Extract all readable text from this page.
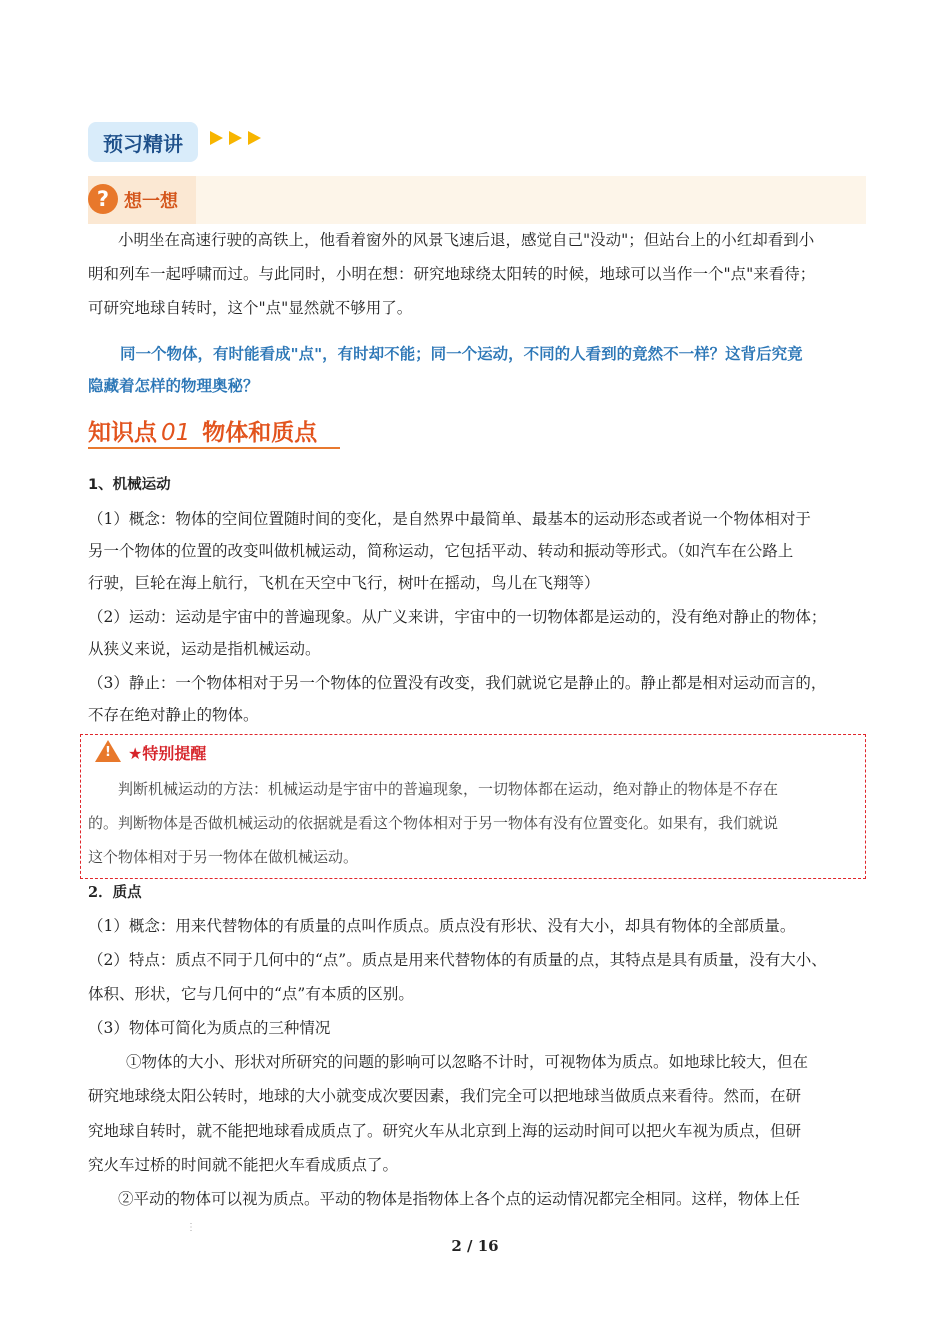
预习精讲
? 想一想
小明坐在高速行驶的高铁上，他看着窗外的风景飞速后退，感觉自己"没动"；但站台上的小红却看到小
明和列车一起呼啸而过。与此同时，小明在想：研究地球绕太阳转的时候，地球可以当作一个"点"来看待；
可研究地球自转时，这个"点"显然就不够用了。
同一个物体，有时能看成"点"，有时却不能；同一个运动，不同的人看到的竟然不一样？这背后究竟
隐藏着怎样的物理奥秘？
知识点 01 物体和质点
1、机械运动
（1）概念：物体的空间位置随时间的变化，是自然界中最简单、最基本的运动形态或者说一个物体相对于
另一个物体的位置的改变叫做机械运动，简称运动，它包括平动、转动和振动等形式。（如汽车在公路上
行驶，巨轮在海上航行，飞机在天空中飞行，树叶在摇动，鸟儿在飞翔等）
（2）运动：运动是宇宙中的普遍现象。从广义来讲，宇宙中的一切物体都是运动的，没有绝对静止的物体；
从狭义来说，运动是指机械运动。
（3）静止：一个物体相对于另一个物体的位置没有改变，我们就说它是静止的。静止都是相对运动而言的，
不存在绝对静止的物体。
! ★特别提醒
判断机械运动的方法：机械运动是宇宙中的普遍现象，一切物体都在运动，绝对静止的物体是不存在
的。判断物体是否做机械运动的依据就是看这个物体相对于另一物体有没有位置变化。如果有，我们就说
这个物体相对于另一物体在做机械运动。
2．质点
（1）概念：用来代替物体的有质量的点叫作质点。质点没有形状、没有大小，却具有物体的全部质量。
（2）特点：质点不同于几何中的“点”。质点是用来代替物体的有质量的点，其特点是具有质量，没有大小、
体积、形状，它与几何中的“点”有本质的区别。
（3）物体可简化为质点的三种情况
①物体的大小、形状对所研究的问题的影响可以忽略不计时，可视物体为质点。如地球比较大，但在
研究地球绕太阳公转时，地球的大小就变成次要因素，我们完全可以把地球当做质点来看待。然而，在研
究地球自转时，就不能把地球看成质点了。研究火车从北京到上海的运动时间可以把火车视为质点，但研
究火车过桥的时间就不能把火车看成质点了。
②平动的物体可以视为质点。平动的物体是指物体上各个点的运动情况都完全相同。这样，物体上任
⋮
2 / 16
